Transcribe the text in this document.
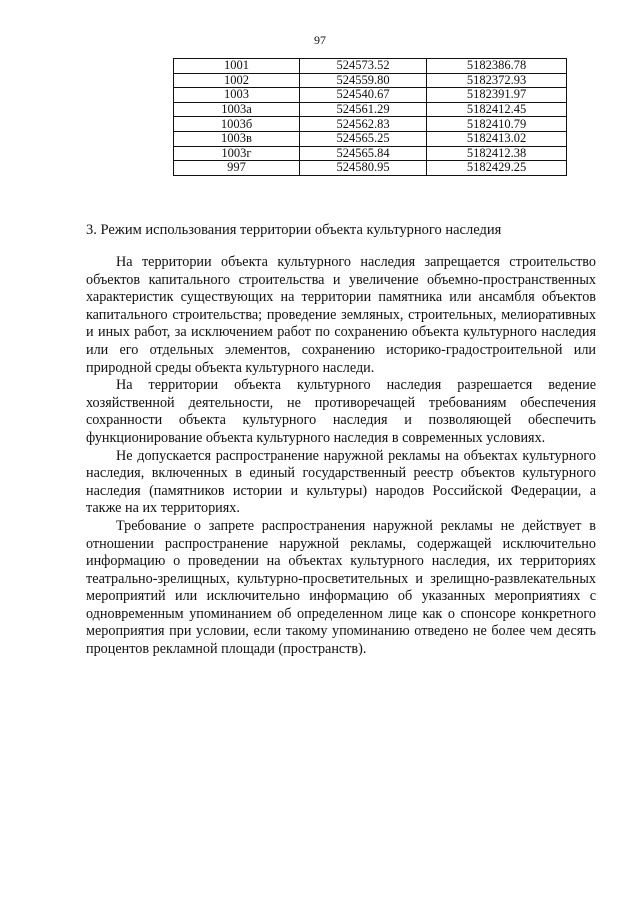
97
1001	524573.52	5182386.78
1002	524559.80	5182372.93
1003	524540.67	5182391.97
1003а	524561.29	5182412.45
1003б	524562.83	5182410.79
1003в	524565.25	5182413.02
1003г	524565.84	5182412.38
997	524580.95	5182429.25
3. Режим использования территории объекта культурного наследия

На территории объекта культурного наследия запрещается строительство объектов капитального строительства и увеличение объемно-пространственных характеристик существующих на территории памятника или ансамбля объектов капитального строительства; проведение земляных, строительных, мелиоративных и иных работ, за исключением работ по сохранению объекта культурного наследия или его отдельных элементов, сохранению историко-градостроительной или природной среды объекта культурного наследи.

На территории объекта культурного наследия разрешается ведение хозяйственной деятельности, не противоречащей требованиям обеспечения сохранности объекта культурного наследия и позволяющей обеспечить функционирование объекта культурного наследия в современных условиях.

Не допускается распространение наружной рекламы на объектах культурного наследия, включенных в единый государственный реестр объектов культурного наследия (памятников истории и культуры) народов Российской Федерации, а также на их территориях.

Требование о запрете распространения наружной рекламы не действует в отношении распространение наружной рекламы, содержащей исключительно информацию о проведении на объектах культурного наследия, их территориях театрально-зрелищных, культурно-просветительных и зрелищно-развлекательных мероприятий или исключительно информацию об указанных мероприятиях с одновременным упоминанием об определенном лице как о спонсоре конкретного мероприятия при условии, если такому упоминанию отведено не более чем десять процентов рекламной площади (пространств).
